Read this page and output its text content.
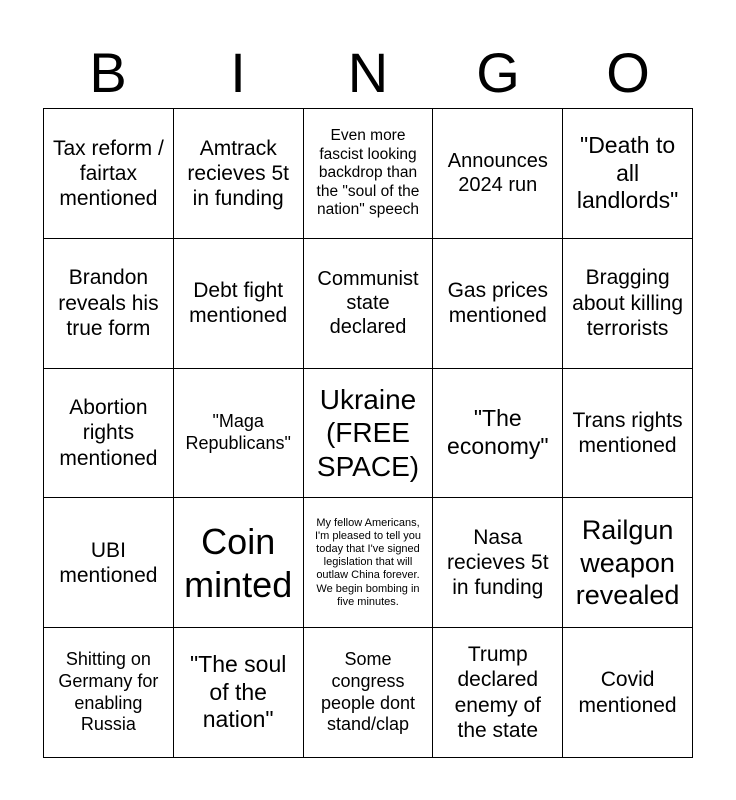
B	I	N	G	O
Tax reform / fairtax mentioned
Amtrack recieves 5t in funding
Even more fascist looking backdrop than the "soul of the nation" speech
Announces 2024 run
"Death to all landlords"
Brandon reveals his true form
Debt fight mentioned
Communist state declared
Gas prices mentioned
Bragging about killing terrorists
Abortion rights mentioned
"Maga Republicans"
Ukraine (FREE SPACE)
"The economy"
Trans rights mentioned
UBI mentioned
Coin minted
My fellow Americans, I'm pleased to tell you today that I've signed legislation that will outlaw China forever. We begin bombing in five minutes.
Nasa recieves 5t in funding
Railgun weapon revealed
Shitting on Germany for enabling Russia
"The soul of the nation"
Some congress people dont stand/clap
Trump declared enemy of the state
Covid mentioned
